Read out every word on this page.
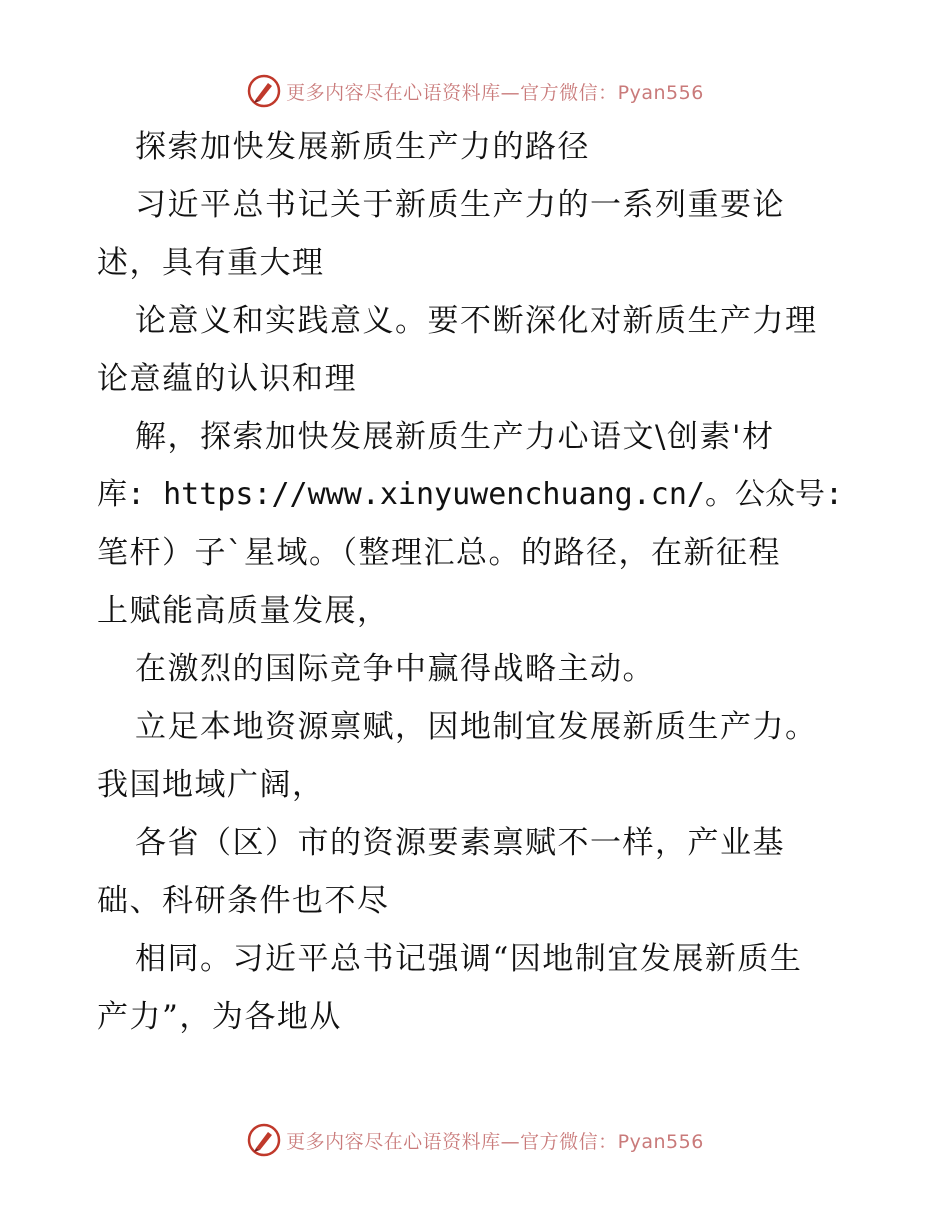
更多内容尽在心语资料库—官方微信：Pyan556
探索加快发展新质生产力的路径
习近平总书记关于新质生产力的一系列重要论
述，具有重大理
论意义和实践意义。要不断深化对新质生产力理
论意蕴的认识和理
解，探索加快发展新质生产力心语文\创素'材
库: https://www.xinyuwenchuang.cn/。公众号:
笔杆）子`星域。（整理汇总。的路径，在新征程
上赋能高质量发展，
在激烈的国际竞争中赢得战略主动。
立足本地资源禀赋，因地制宜发展新质生产力。
我国地域广阔，
各省（区）市的资源要素禀赋不一样，产业基
础、科研条件也不尽
相同。习近平总书记强调“因地制宜发展新质生
产力”，为各地从
更多内容尽在心语资料库—官方微信：Pyan556
